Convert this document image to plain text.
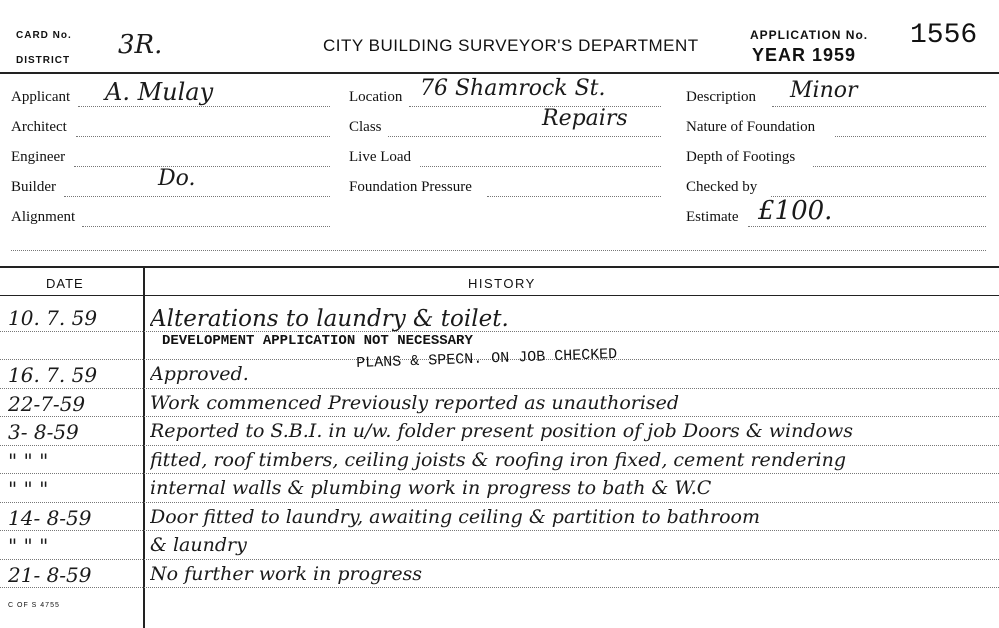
CARD No.
DISTRICT
3R.	CITY BUILDING SURVEYOR'S DEPARTMENT
APPLICATION No. 1556
YEAR 1959
Applicant A. Mulay
Architect
Engineer
Builder	Do.
Alignment
Location 76 Shamrock St.
Class	Repairs
Live Load
Foundation Pressure
Description Minor
Nature of Foundation
Depth of Footings
Checked by
Estimate £100.
DATE	HISTORY
10. 7. 59 Alterations to laundry & toilet.
16. 7. 59	Approved.
22-7-59	Work commenced Previously reported as unauthorised
3- 8-59	Reported to S.B.I. in u/w. folder present position of job Doors & windows
" " "	fitted, roof timbers, ceiling joists & roofing iron fixed, cement rendering
" " "	internal walls & plumbing work in progress to bath & W.C
14- 8-59	Door fitted to laundry, awaiting ceiling & partition to bathroom
" " "	& laundry
21- 8-59	No further work in progress
DEVELOPMENT APPLICATION NOT NECESSARY
PLANS & SPECN. ON JOB CHECKED
C OF S 4755
